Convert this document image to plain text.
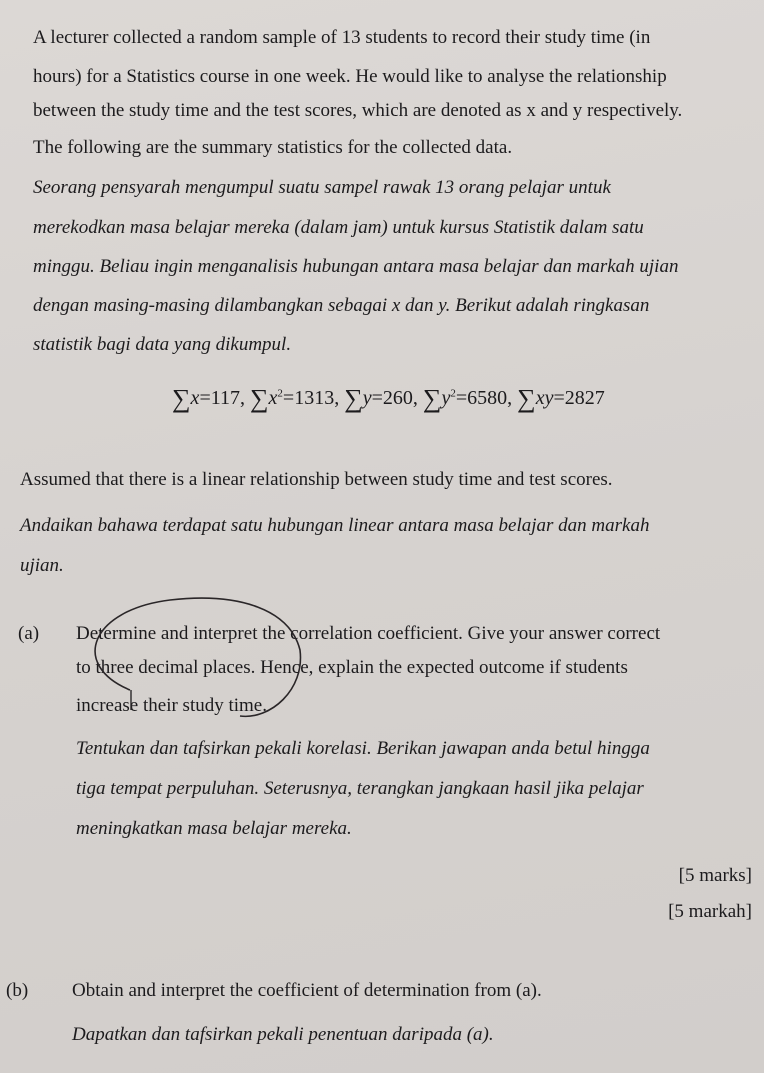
A lecturer collected a random sample of 13 students to record their study time (in
hours) for a Statistics course in one week. He would like to analyse the relationship
between the study time and the test scores, which are denoted as x and y respectively.
The following are the summary statistics for the collected data.
Seorang pensyarah mengumpul suatu sampel rawak 13 orang pelajar untuk
merekodkan masa belajar mereka (dalam jam) untuk kursus Statistik dalam satu
minggu. Beliau ingin menganalisis hubungan antara masa belajar dan markah ujian
dengan masing-masing dilambangkan sebagai x dan y. Berikut adalah ringkasan
statistik bagi data yang dikumpul.
∑x=117, $\sum x^2=1313$, ∑y=260, $\sum y^2=6580$, ∑xy=2827
Assumed that there is a linear relationship between study time and test scores.
Andaikan bahawa terdapat satu hubungan linear antara masa belajar dan markah
ujian.
(a) Determine and interpret the correlation coefficient. Give your answer correct
to three decimal places. Hence, explain the expected outcome if students
increase their study time.
Tentukan dan tafsirkan pekali korelasi. Berikan jawapan anda betul hingga
tiga tempat perpuluhan. Seterusnya, terangkan jangkaan hasil jika pelajar
meningkatkan masa belajar mereka.
[5 marks]
[5 markah]
(b) Obtain and interpret the coefficient of determination from (a).
Dapatkan dan tafsirkan pekali penentuan daripada (a).
